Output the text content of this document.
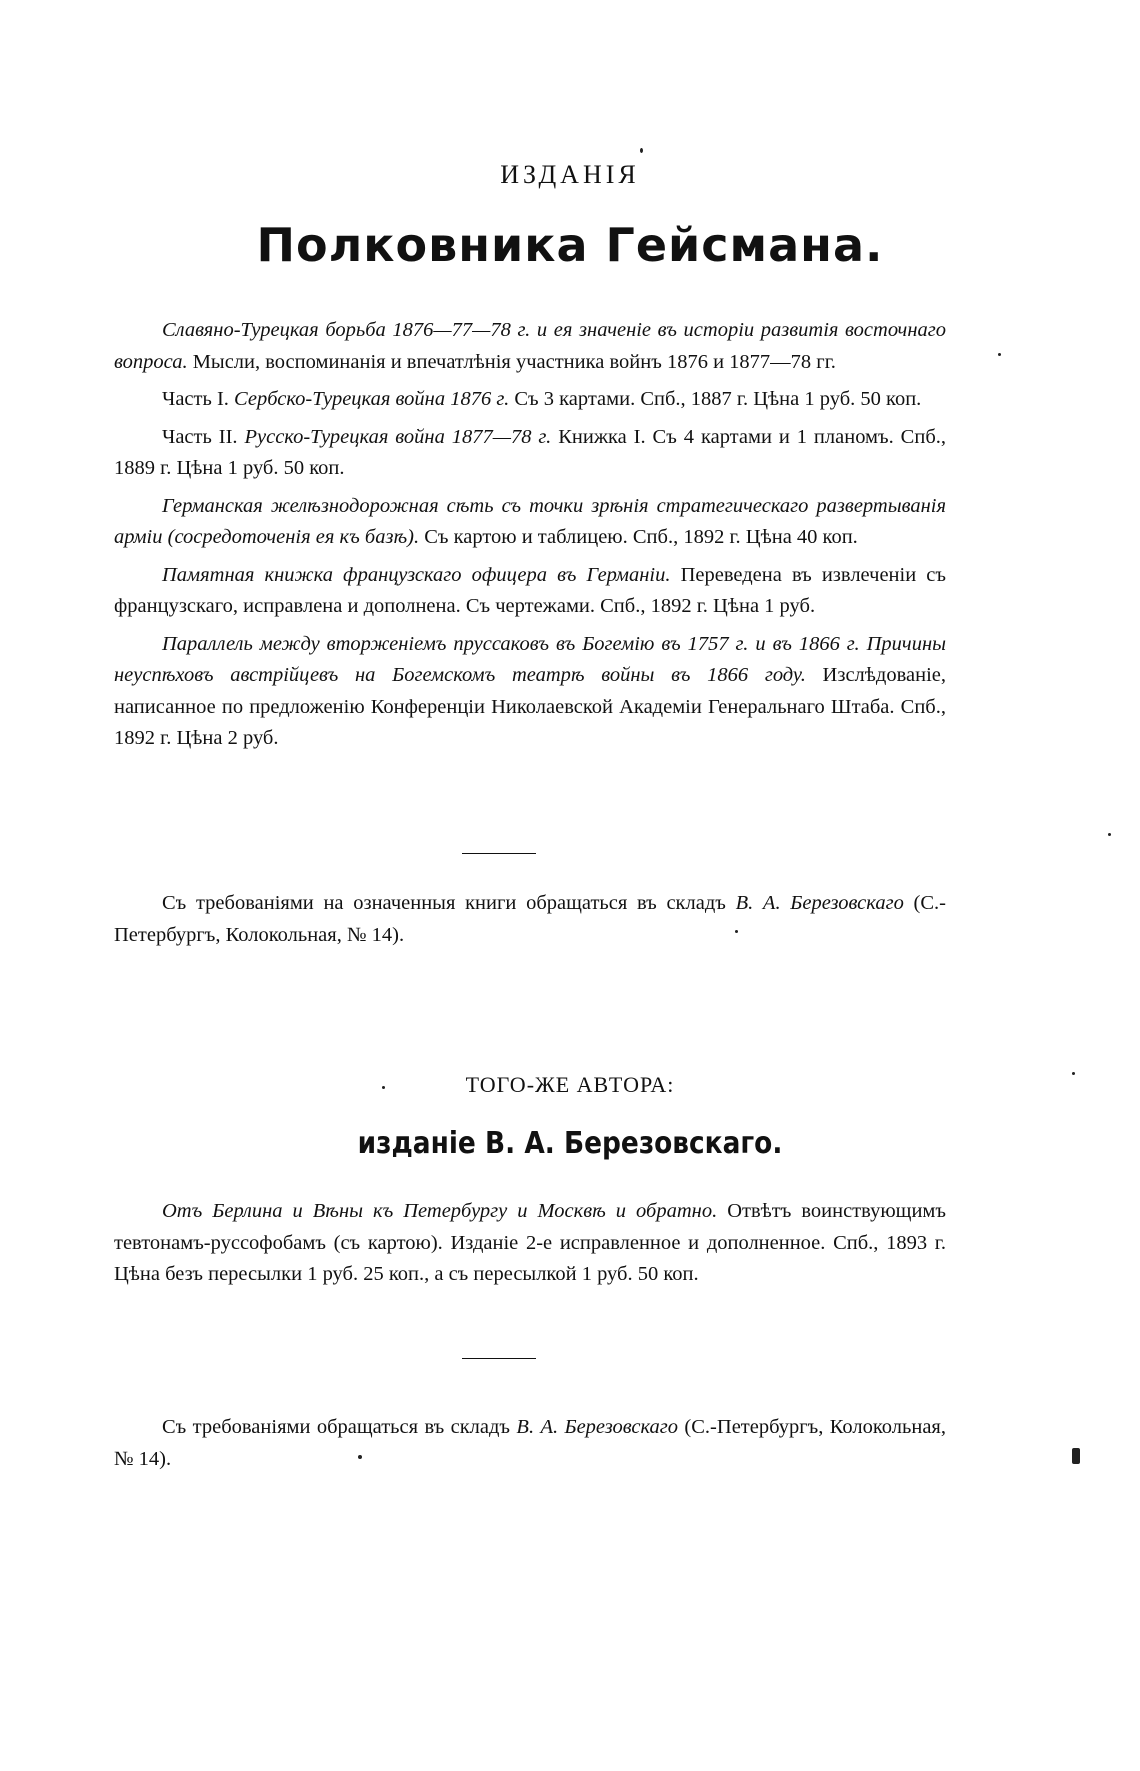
ИЗДАНІЯ
Полковника Гейсмана.

Славяно-Турецкая борьба 1876—77—78 г. и ея значеніе въ исторіи развитія восточнаго вопроса. Мысли, воспоминанія и впечатлѣнія участника войнъ 1876 и 1877—78 гг.

Часть I. Сербско-Турецкая война 1876 г. Съ 3 картами. Спб., 1887 г. Цѣна 1 руб. 50 коп.

Часть II. Русско-Турецкая война 1877—78 г. Книжка I. Съ 4 картами и 1 планомъ. Спб., 1889 г. Цѣна 1 руб. 50 коп.

Германская желѣзнодорожная сѣть съ точки зрѣнія стратегическаго развертыванія арміи (сосредоточенія ея къ базѣ). Съ картою и таблицею. Спб., 1892 г. Цѣна 40 коп.

Памятная книжка французскаго офицера въ Германіи. Переведена въ извлеченіи съ французскаго, исправлена и дополнена. Съ чертежами. Спб., 1892 г. Цѣна 1 руб.

Параллель между вторженіемъ пруссаковъ въ Богемію въ 1757 г. и въ 1866 г. Причины неуспѣховъ австрійцевъ на Богемскомъ театрѣ войны въ 1866 году. Изслѣдованіе, написанное по предложенію Конференціи Николаевской Академіи Генеральнаго Штаба. Спб., 1892 г. Цѣна 2 руб.

Съ требованіями на означенныя книги обращаться въ складъ В. А. Березовскаго (С.-Петербургъ, Колокольная, № 14).

ТОГО-ЖЕ АВТОРА:
изданіе В. А. Березовскаго.

Отъ Берлина и Вѣны къ Петербургу и Москвѣ и обратно. Отвѣтъ воинствующимъ тевтонамъ-руссофобамъ (съ картою). Изданіе 2-е исправленное и дополненное. Спб., 1893 г. Цѣна безъ пересылки 1 руб. 25 коп., а съ пересылкой 1 руб. 50 коп.

Съ требованіями обращаться въ складъ В. А. Березовскаго (С.-Петербургъ, Колокольная, № 14).
